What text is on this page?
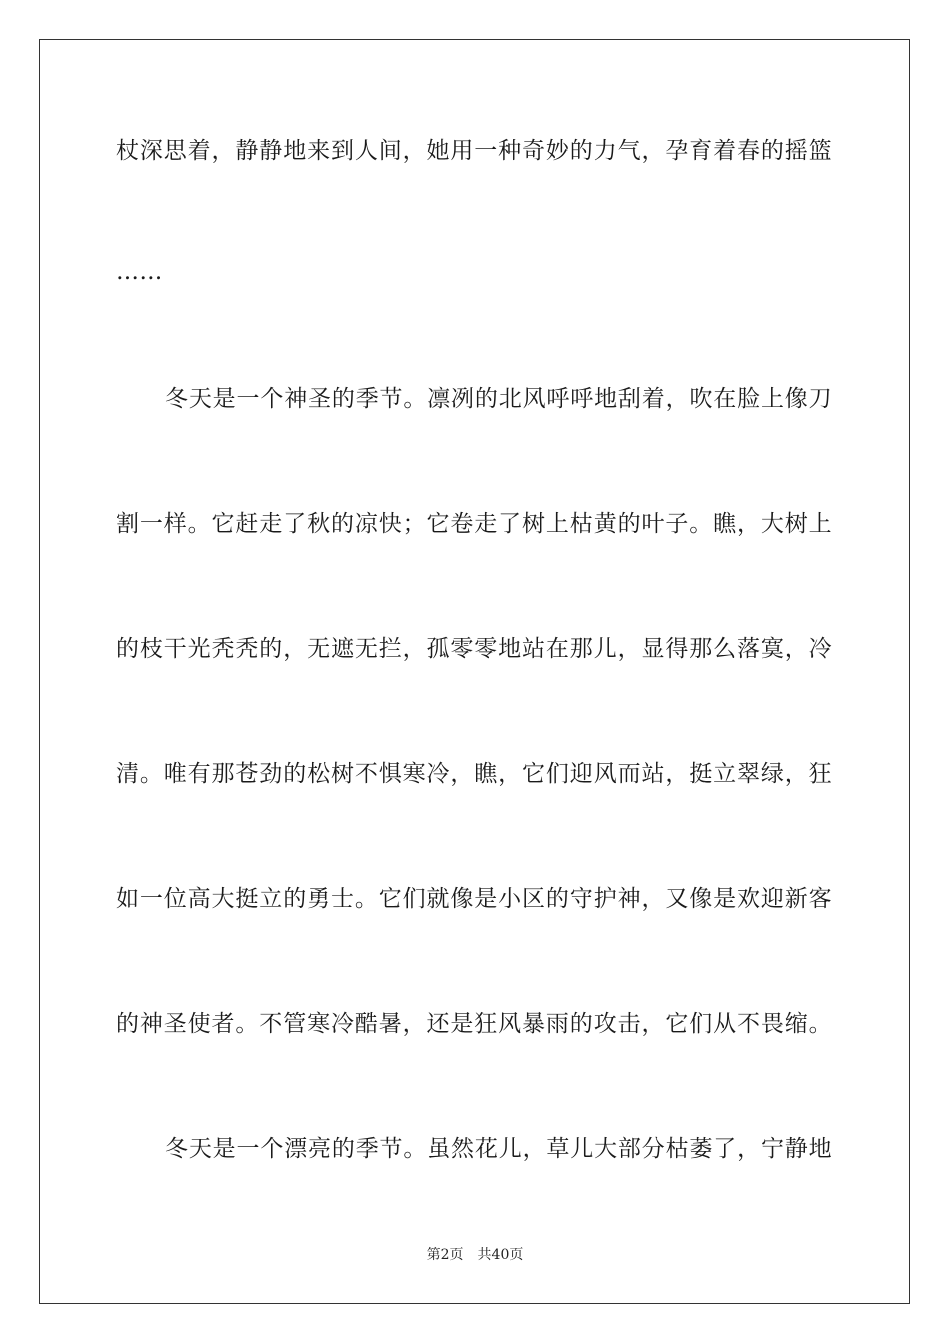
杖深思着，静静地来到人间，她用一种奇妙的力气，孕育着春的摇篮
……
冬天是一个神圣的季节。凛冽的北风呼呼地刮着，吹在脸上像刀
割一样。它赶走了秋的凉快；它卷走了树上枯黄的叶子。瞧，大树上
的枝干光秃秃的，无遮无拦，孤零零地站在那儿，显得那么落寞，冷
清。唯有那苍劲的松树不惧寒冷，瞧，它们迎风而站，挺立翠绿，狂
如一位高大挺立的勇士。它们就像是小区的守护神，又像是欢迎新客
的神圣使者。不管寒冷酷暑，还是狂风暴雨的攻击，它们从不畏缩。
冬天是一个漂亮的季节。虽然花儿，草儿大部分枯萎了，宁静地
第2页 共40页
